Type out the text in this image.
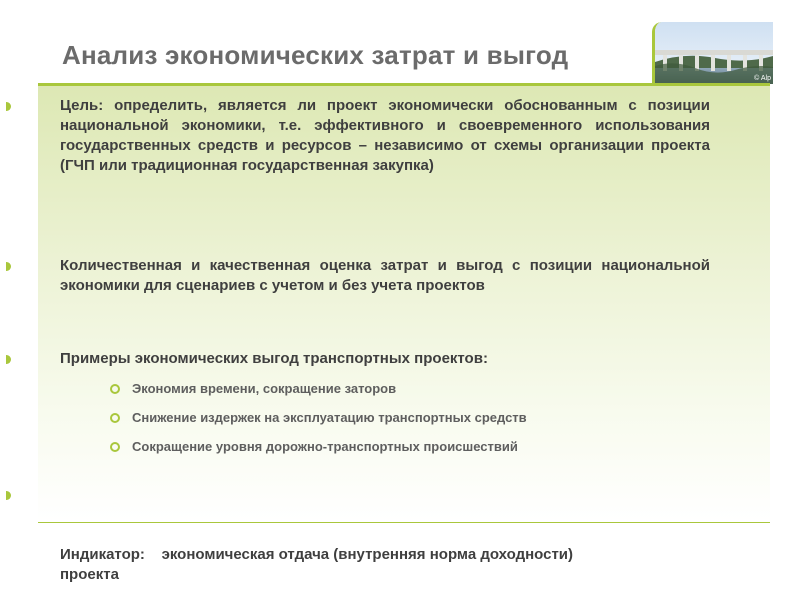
Анализ экономических затрат и выгод
© Alp
Цель: определить, является ли проект экономически обоснованным с позиции национальной экономики, т.е. эффективного и своевременного использования государственных средств и ресурсов – независимо от схемы организации проекта (ГЧП или традиционная государственная закупка)
Количественная и качественная оценка затрат и выгод с позиции национальной экономики для сценариев с учетом и без учета проектов
Примеры экономических выгод транспортных проектов:
Экономия времени, сокращение заторов
Снижение издержек на эксплуатацию транспортных средств
Сокращение уровня дорожно-транспортных происшествий

Индикатор:    экономическая отдача (внутренняя норма доходности) проекта
